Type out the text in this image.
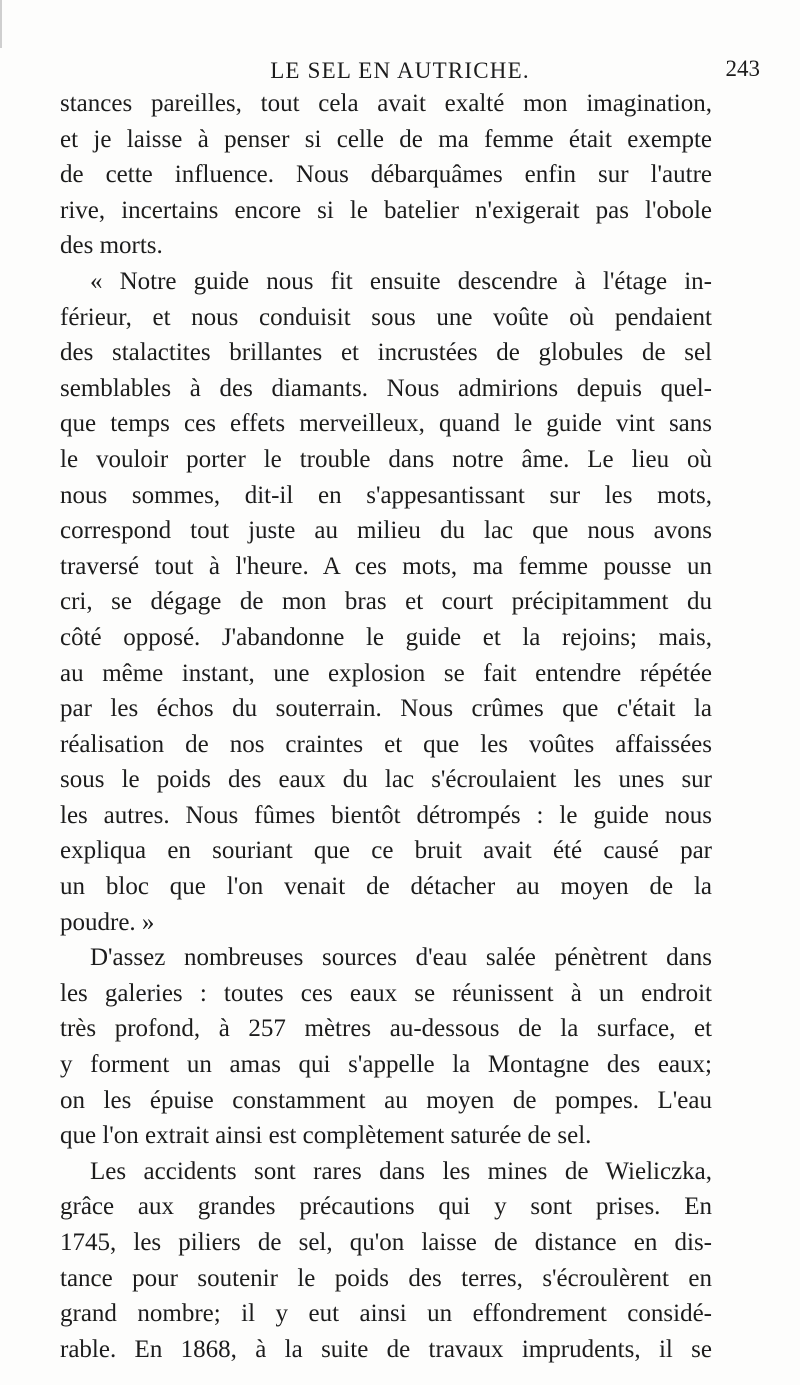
LE SEL EN AUTRICHE.	243
stances pareilles, tout cela avait exalté mon imagination,
et je laisse à penser si celle de ma femme était exempte
de cette influence. Nous débarquâmes enfin sur l'autre
rive, incertains encore si le batelier n'exigerait pas l'obole
des morts.
« Notre guide nous fit ensuite descendre à l'étage in-
férieur, et nous conduisit sous une voûte où pendaient
des stalactites brillantes et incrustées de globules de sel
semblables à des diamants. Nous admirions depuis quel-
que temps ces effets merveilleux, quand le guide vint sans
le vouloir porter le trouble dans notre âme. Le lieu où
nous sommes, dit-il en s'appesantissant sur les mots,
correspond tout juste au milieu du lac que nous avons
traversé tout à l'heure. A ces mots, ma femme pousse un
cri, se dégage de mon bras et court précipitamment du
côté opposé. J'abandonne le guide et la rejoins; mais,
au même instant, une explosion se fait entendre répétée
par les échos du souterrain. Nous crûmes que c'était la
réalisation de nos craintes et que les voûtes affaissées
sous le poids des eaux du lac s'écroulaient les unes sur
les autres. Nous fûmes bientôt détrompés : le guide nous
expliqua en souriant que ce bruit avait été causé par
un bloc que l'on venait de détacher au moyen de la
poudre. »
D'assez nombreuses sources d'eau salée pénètrent dans
les galeries : toutes ces eaux se réunissent à un endroit
très profond, à 257 mètres au-dessous de la surface, et
y forment un amas qui s'appelle la Montagne des eaux;
on les épuise constamment au moyen de pompes. L'eau
que l'on extrait ainsi est complètement saturée de sel.
Les accidents sont rares dans les mines de Wieliczka,
grâce aux grandes précautions qui y sont prises. En
1745, les piliers de sel, qu'on laisse de distance en dis-
tance pour soutenir le poids des terres, s'écroulèrent en
grand nombre; il y eut ainsi un effondrement considé-
rable. En 1868, à la suite de travaux imprudents, il se
